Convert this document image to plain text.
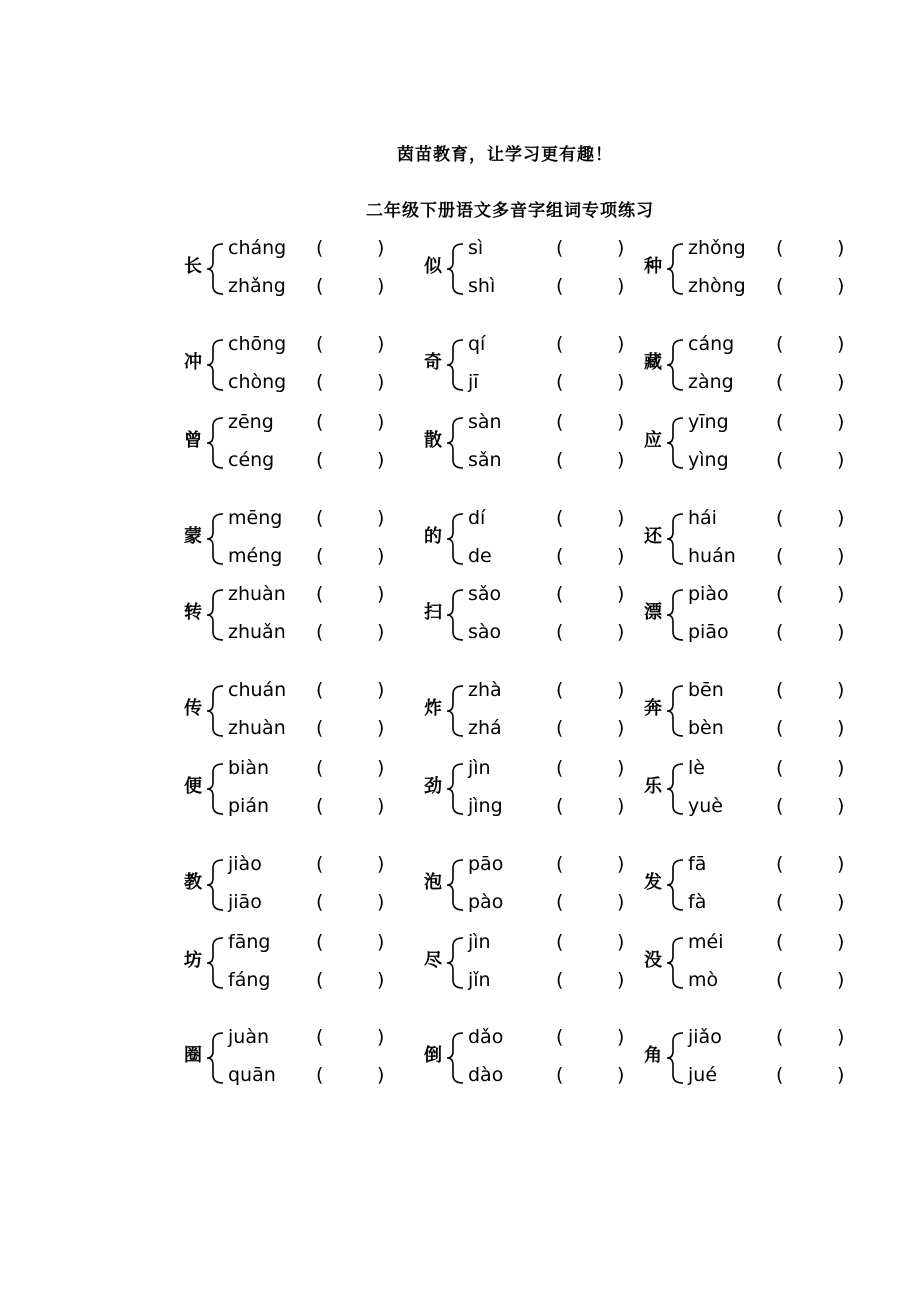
茵苗教育，让学习更有趣！
二年级下册语文多音字组词专项练习
长
cháng (	)
zhǎng (	)
似
sì	(	)
shì	(	)
种
zhǒng (	)
zhòng (	)
冲
chōng (	)
chòng (	)
奇
qí	(	)
jī	(	)
藏
cáng (	)
zàng (	)
曾
zēng (	)
céng (	)
散
sàn	(	)
sǎn	(	)
应
yīng (	)
yìng (	)
蒙
mēng (	)
méng (	)
的
dí	(	)
de	(	)
还
hái	(	)
huán (	)
转
zhuàn (	)
zhuǎn (	)
扫
sǎo	(	)
sào	(	)
漂
piào (	)
piāo (	)
传
chuán (	)
zhuàn (	)
炸
zhà	(	)
zhá	(	)
奔
bēn	(	)
bèn	(	)
便
biàn (	)
pián (	)
劲
jìn	(	)
jìng	(	)
乐
lè	(	)
yuè	(	)
教
jiào	(	)
jiāo	(	)
泡
pāo	(	)
pào	(	)
发
fā	(	)
fà	(	)
坊
fāng (	)
fáng (	)
尽
jìn	(	)
jǐn	(	)
没
méi	(	)
mò	(	)
圈
juàn (	)
quān (	)
倒
dǎo	(	)
dào	(	)
角
jiǎo	(	)
jué	(	)
